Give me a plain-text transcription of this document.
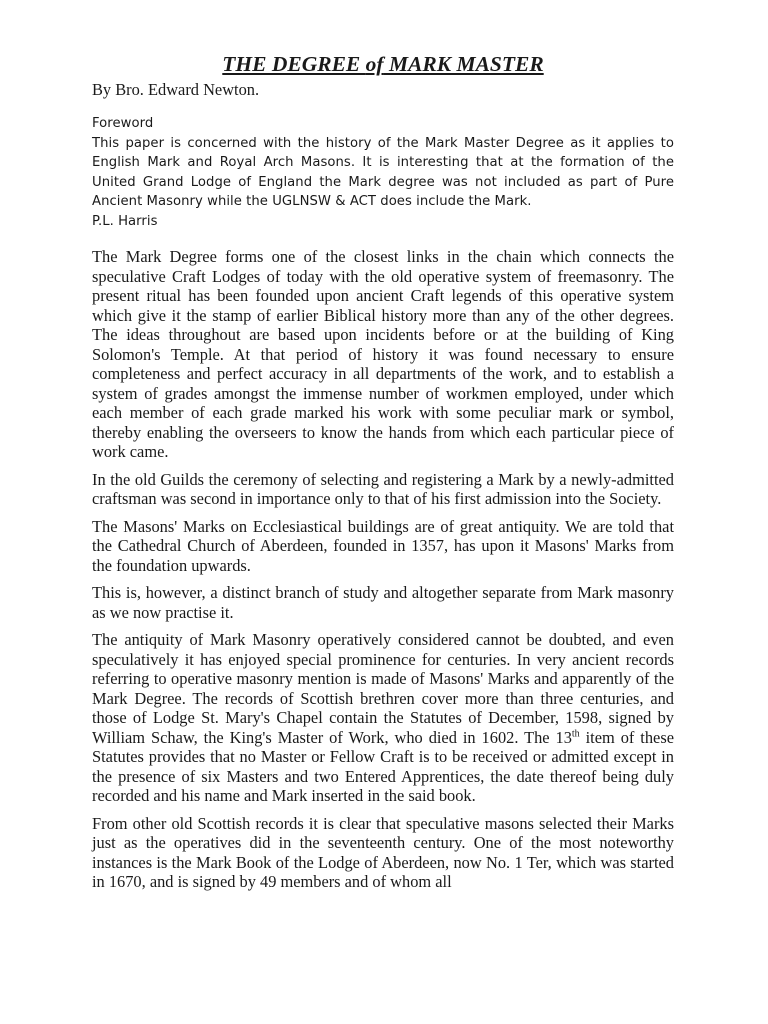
THE DEGREE of MARK MASTER

By Bro. Edward Newton.

Foreword

This paper is concerned with the history of the Mark Master Degree as it applies to English Mark and Royal Arch Masons. It is interesting that at the formation of the United Grand Lodge of England the Mark degree was not included as part of Pure Ancient Masonry while the UGLNSW & ACT does include the Mark.

P.L. Harris

The Mark Degree forms one of the closest links in the chain which connects the speculative Craft Lodges of today with the old operative system of freemasonry. The present ritual has been founded upon ancient Craft legends of this operative system which give it the stamp of earlier Biblical history more than any of the other degrees. The ideas throughout are based upon incidents before or at the building of King Solomon's Temple. At that period of history it was found necessary to ensure completeness and perfect accuracy in all departments of the work, and to establish a system of grades amongst the immense number of workmen employed, under which each member of each grade marked his work with some peculiar mark or symbol, thereby enabling the overseers to know the hands from which each particular piece of work came.

In the old Guilds the ceremony of selecting and registering a Mark by a newly-admitted craftsman was second in importance only to that of his first admission into the Society.

The Masons' Marks on Ecclesiastical buildings are of great antiquity. We are told that the Cathedral Church of Aberdeen, founded in 1357, has upon it Masons' Marks from the foundation upwards.

This is, however, a distinct branch of study and altogether separate from Mark masonry as we now practise it.

The antiquity of Mark Masonry operatively considered cannot be doubted, and even speculatively it has enjoyed special prominence for centuries. In very ancient records referring to operative masonry mention is made of Masons' Marks and apparently of the Mark Degree. The records of Scottish brethren cover more than three centuries, and those of Lodge St. Mary's Chapel contain the Statutes of December, 1598, signed by William Schaw, the King's Master of Work, who died in 1602. The 13th item of these Statutes provides that no Master or Fellow Craft is to be received or admitted except in the presence of six Masters and two Entered Apprentices, the date thereof being duly recorded and his name and Mark inserted in the said book.

From other old Scottish records it is clear that speculative masons selected their Marks just as the operatives did in the seventeenth century. One of the most noteworthy instances is the Mark Book of the Lodge of Aberdeen, now No. 1 Ter, which was started in 1670, and is signed by 49 members and of whom all
